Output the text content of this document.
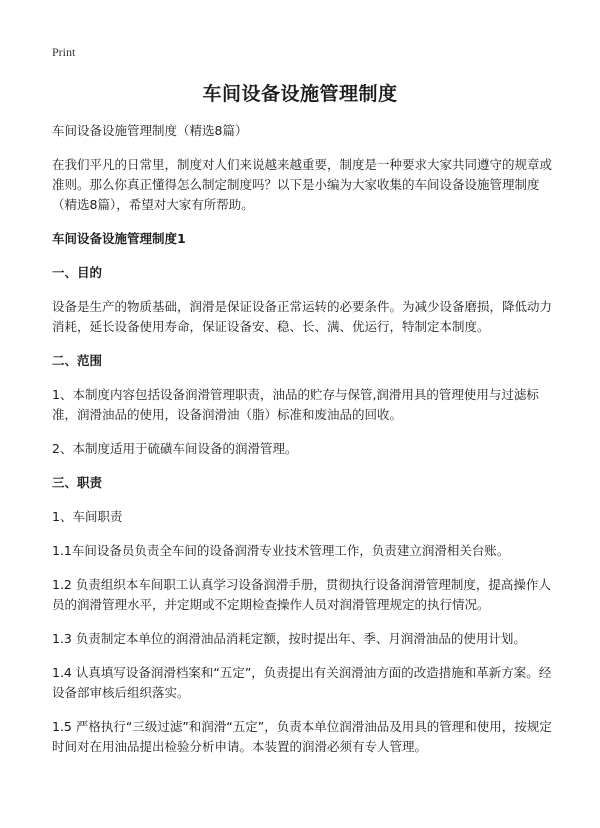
Print
车间设备设施管理制度

车间设备设施管理制度（精选8篇）

在我们平凡的日常里，制度对人们来说越来越重要，制度是一种要求大家共同遵守的规章或准则。那么你真正懂得怎么制定制度吗？以下是小编为大家收集的车间设备设施管理制度（精选8篇），希望对大家有所帮助。

车间设备设施管理制度1
一、目的

设备是生产的物质基础，润滑是保证设备正常运转的必要条件。为减少设备磨损，降低动力消耗，延长设备使用寿命，保证设备安、稳、长、满、优运行，特制定本制度。

二、范围

1、本制度内容包括设备润滑管理职责，油品的贮存与保管,润滑用具的管理使用与过滤标准，润滑油品的使用，设备润滑油（脂）标准和废油品的回收。

2、本制度适用于硫磺车间设备的润滑管理。

三、职责

1、车间职责

1.1车间设备员负责全车间的设备润滑专业技术管理工作，负责建立润滑相关台账。

1.2 负责组织本车间职工认真学习设备润滑手册，贯彻执行设备润滑管理制度，提高操作人员的润滑管理水平，并定期或不定期检查操作人员对润滑管理规定的执行情况。

1.3 负责制定本单位的润滑油品消耗定额，按时提出年、季、月润滑油品的使用计划。

1.4 认真填写设备润滑档案和“五定”，负责提出有关润滑油方面的改造措施和革新方案。经设备部审核后组织落实。

1.5 严格执行“三级过滤”和润滑“五定”，负责本单位润滑油品及用具的管理和使用，按规定时间对在用油品提出检验分析申请。本装置的润滑必须有专人管理。
